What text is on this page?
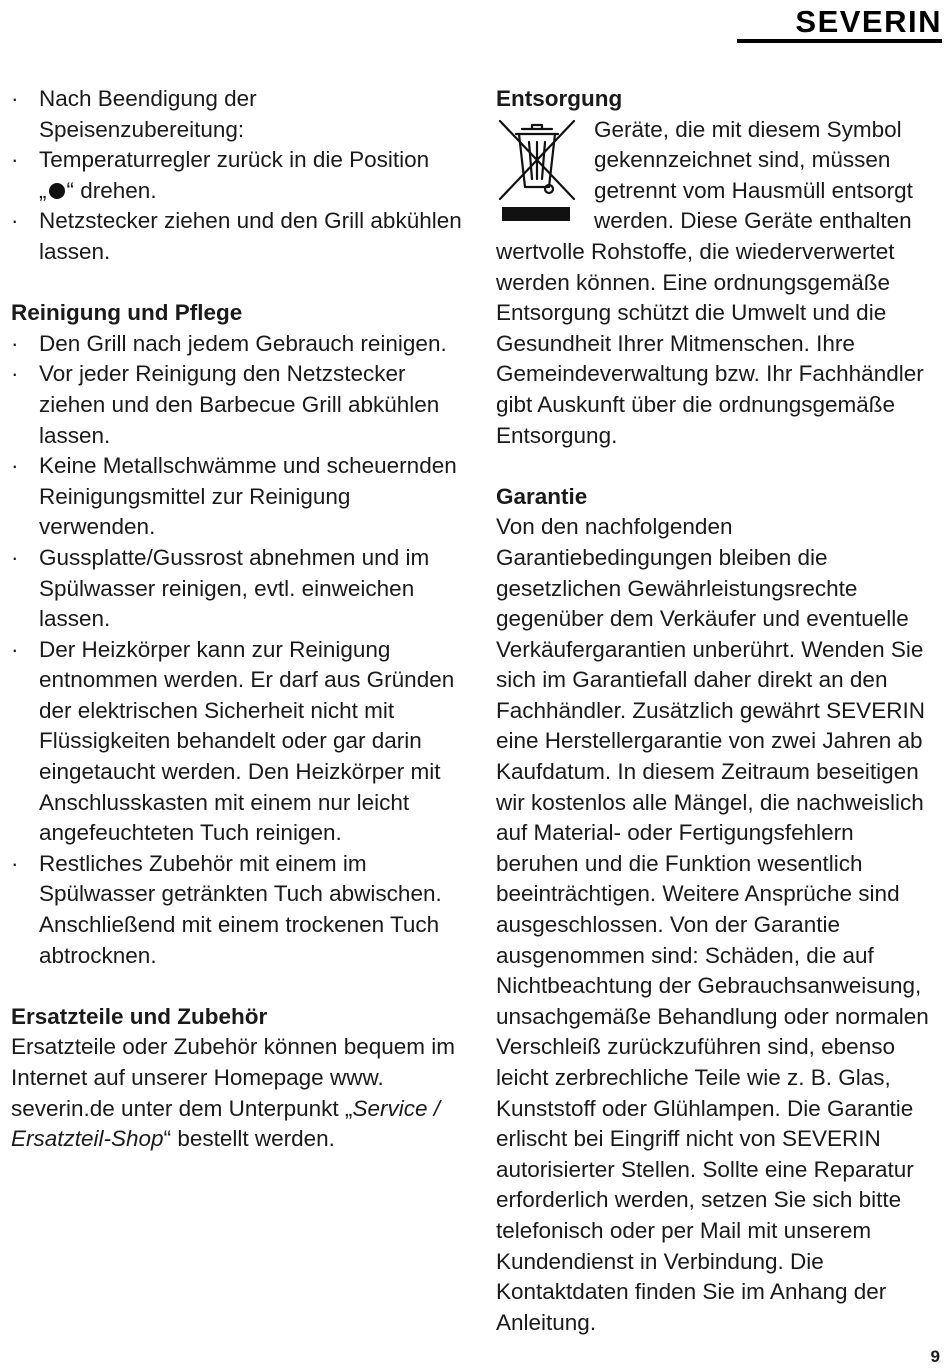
SEVERIN
· Nach Beendigung der Speisenzubereitung:
· Temperaturregler zurück in die Position
„ “ drehen.
· Netzstecker ziehen und den Grill abkühlen lassen.

Reinigung und Pflege

· Den Grill nach jedem Gebrauch reinigen.
· Vor jeder Reinigung den Netzstecker ziehen und den Barbecue Grill abkühlen lassen.
· Keine Metallschwämme und scheuernden Reinigungsmittel zur Reinigung verwenden.
· Gussplatte/Gussrost abnehmen und im Spülwasser reinigen, evtl. einweichen lassen.
· Der Heizkörper kann zur Reinigung entnommen werden. Er darf aus Gründen der elektrischen Sicherheit nicht mit Flüssigkeiten behandelt oder gar darin eingetaucht werden. Den Heizkörper mit Anschlusskasten mit einem nur leicht angefeuchteten Tuch reinigen.
· Restliches Zubehör mit einem im Spülwasser getränkten Tuch abwischen. Anschließend mit einem trockenen Tuch abtrocknen.

Ersatzteile und Zubehör

Ersatzteile oder Zubehör können bequem im Internet auf unserer Homepage www. severin.de unter dem Unterpunkt „Service / Ersatzteil-Shop“ bestellt werden.

Entsorgung

Geräte, die mit diesem Symbol gekennzeichnet sind, müssen getrennt vom Hausmüll entsorgt werden. Diese Geräte enthalten wertvolle Rohstoffe, die wiederverwertet werden können. Eine ordnungsgemäße Entsorgung schützt die Umwelt und die Gesundheit Ihrer Mitmenschen. Ihre Gemeindeverwaltung bzw. Ihr Fachhändler gibt Auskunft über die ordnungsgemäße Entsorgung.

Garantie

Von den nachfolgenden Garantiebedingungen bleiben die gesetzlichen Gewährleistungsrechte gegenüber dem Verkäufer und eventuelle Verkäufergarantien unberührt. Wenden Sie sich im Garantiefall daher direkt an den Fachhändler. Zusätzlich gewährt SEVERIN eine Herstellergarantie von zwei Jahren ab Kaufdatum. In diesem Zeitraum beseitigen wir kostenlos alle Mängel, die nachweislich auf Material- oder Fertigungsfehlern beruhen und die Funktion wesentlich beeinträchtigen. Weitere Ansprüche sind ausgeschlossen. Von der Garantie ausgenommen sind: Schäden, die auf Nichtbeachtung der Gebrauchsanweisung, unsachgemäße Behandlung oder normalen Verschleiß zurückzuführen sind, ebenso leicht zerbrechliche Teile wie z. B. Glas, Kunststoff oder Glühlampen. Die Garantie erlischt bei Eingriff nicht von SEVERIN autorisierter Stellen. Sollte eine Reparatur erforderlich werden, setzen Sie sich bitte telefonisch oder per Mail mit unserem Kundendienst in Verbindung. Die Kontaktdaten finden Sie im Anhang der Anleitung.

9
